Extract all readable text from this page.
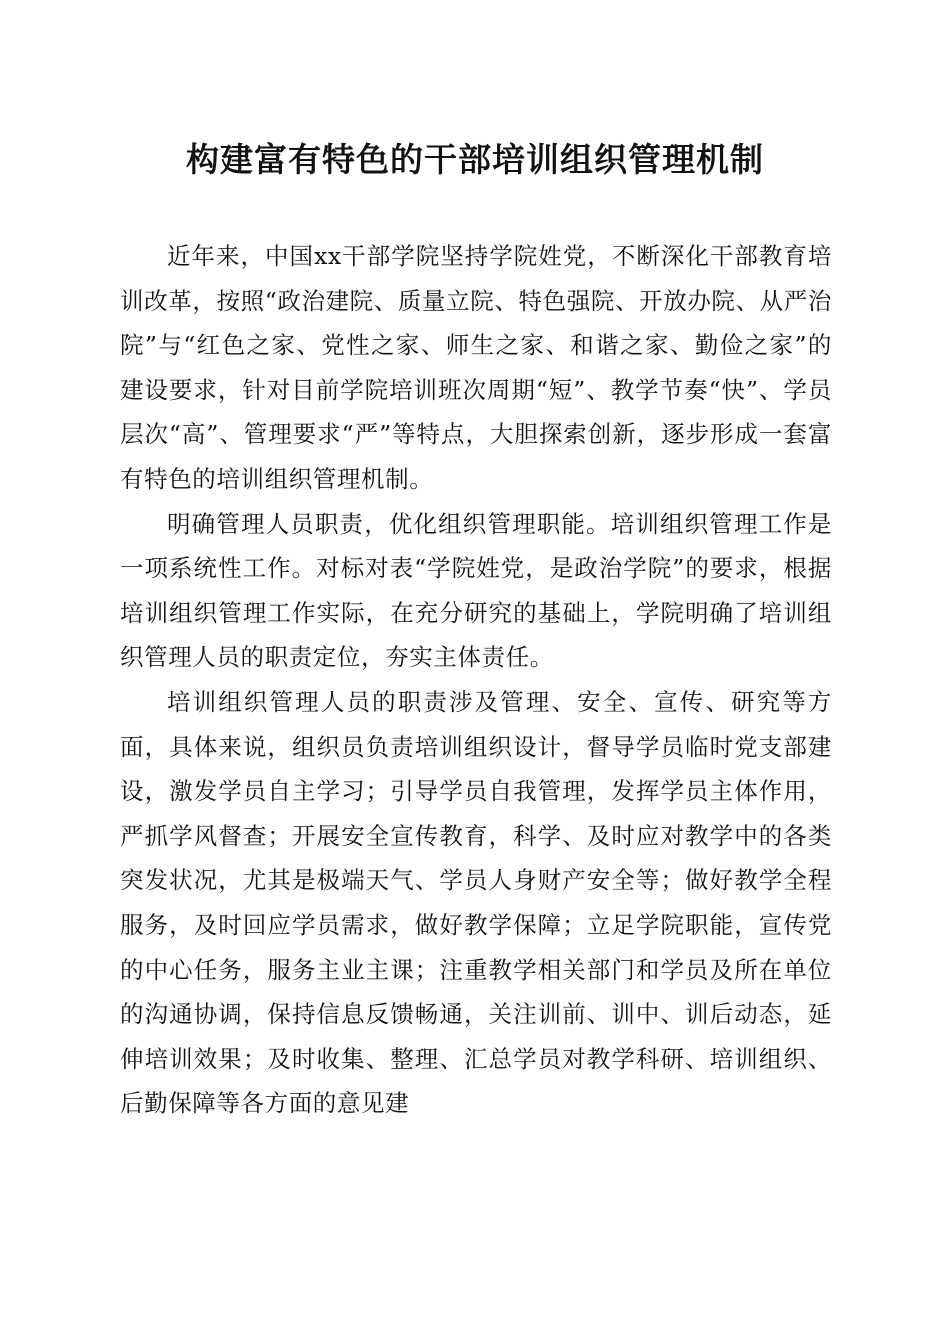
构建富有特色的干部培训组织管理机制

近年来，中国xx干部学院坚持学院姓党，不断深化干部教育培训改革，按照“政治建院、质量立院、特色强院、开放办院、从严治院”与“红色之家、党性之家、师生之家、和谐之家、勤俭之家”的建设要求，针对目前学院培训班次周期“短”、教学节奏“快”、学员层次“高”、管理要求“严”等特点，大胆探索创新，逐步形成一套富有特色的培训组织管理机制。

明确管理人员职责，优化组织管理职能。培训组织管理工作是一项系统性工作。对标对表“学院姓党，是政治学院”的要求，根据培训组织管理工作实际，在充分研究的基础上，学院明确了培训组织管理人员的职责定位，夯实主体责任。

培训组织管理人员的职责涉及管理、安全、宣传、研究等方面，具体来说，组织员负责培训组织设计，督导学员临时党支部建设，激发学员自主学习；引导学员自我管理，发挥学员主体作用，严抓学风督查；开展安全宣传教育，科学、及时应对教学中的各类突发状况，尤其是极端天气、学员人身财产安全等；做好教学全程服务，及时回应学员需求，做好教学保障；立足学院职能，宣传党的中心任务，服务主业主课；注重教学相关部门和学员及所在单位的沟通协调，保持信息反馈畅通，关注训前、训中、训后动态，延伸培训效果；及时收集、整理、汇总学员对教学科研、培训组织、后勤保障等各方面的意见建
